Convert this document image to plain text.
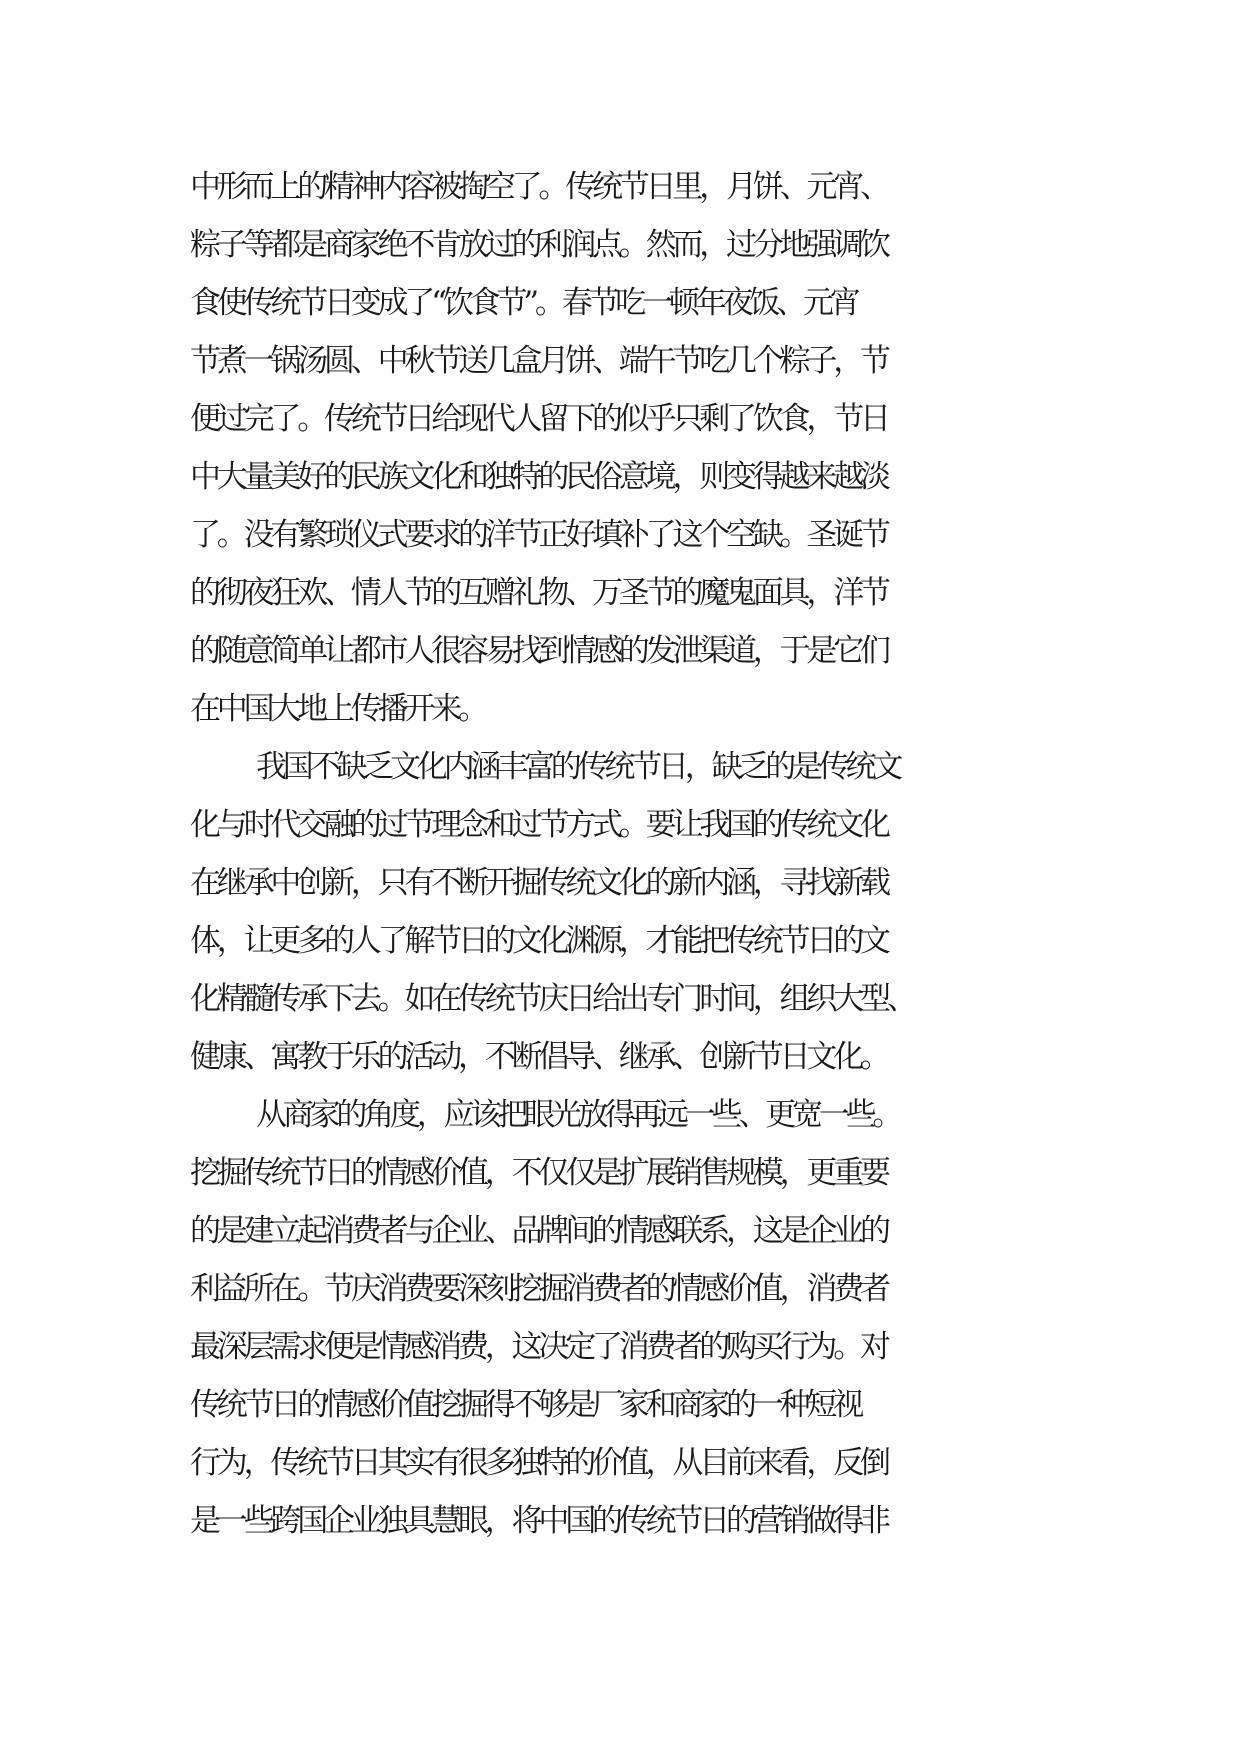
中形而上的精神内容被掏空了。传统节日里，月饼、元宵、
粽子等都是商家绝不肯放过的利润点。然而，过分地强调饮
食使传统节日变成了“饮食节”。春节吃一顿年夜饭、元宵
节煮一锅汤圆、中秋节送几盒月饼、端午节吃几个粽子，节
便过完了。传统节日给现代人留下的似乎只剩了饮食，节日
中大量美好的民族文化和独特的民俗意境，则变得越来越淡
了。没有繁琐仪式要求的洋节正好填补了这个空缺。圣诞节
的彻夜狂欢、情人节的互赠礼物、万圣节的魔鬼面具，洋节
的随意简单让都市人很容易找到情感的发泄渠道，于是它们
在中国大地上传播开来。
我国不缺乏文化内涵丰富的传统节日，缺乏的是传统文
化与时代交融的过节理念和过节方式。要让我国的传统文化
在继承中创新，只有不断开掘传统文化的新内涵，寻找新载
体，让更多的人了解节日的文化渊源，才能把传统节日的文
化精髓传承下去。如在传统节庆日给出专门时间，组织大型、
健康、寓教于乐的活动，不断倡导、继承、创新节日文化。
从商家的角度，应该把眼光放得再远一些、更宽一些。
挖掘传统节日的情感价值，不仅仅是扩展销售规模，更重要
的是建立起消费者与企业、品牌间的情感联系，这是企业的
利益所在。节庆消费要深刻挖掘消费者的情感价值，消费者
最深层需求便是情感消费，这决定了消费者的购买行为。对
传统节日的情感价值挖掘得不够是厂家和商家的一种短视
行为，传统节日其实有很多独特的价值，从目前来看，反倒
是一些跨国企业独具慧眼，将中国的传统节日的营销做得非
